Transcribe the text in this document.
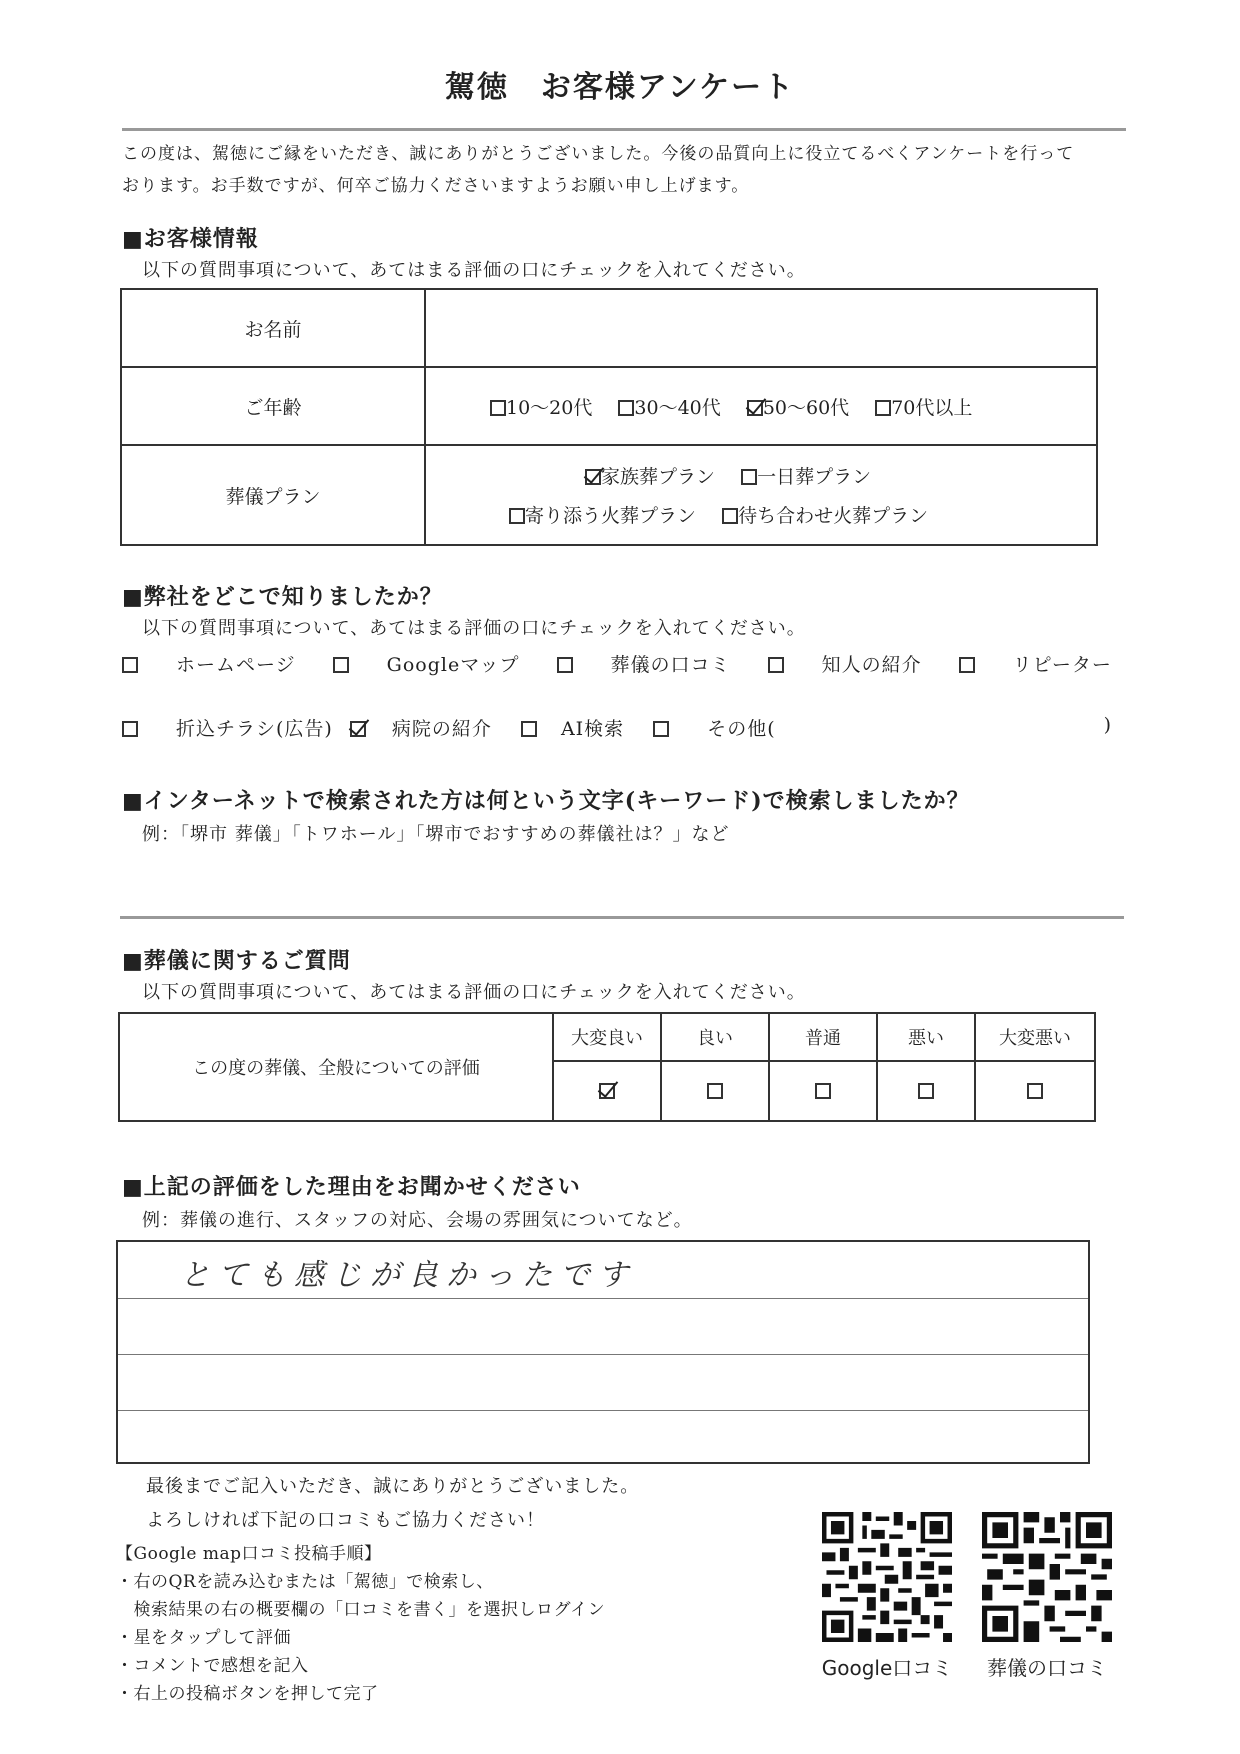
駕徳　お客様アンケート
この度は、駕徳にご縁をいただき、誠にありがとうございました。今後の品質向上に役立てるべくアンケートを行って
おります。お手数ですが、何卒ご協力くださいますようお願い申し上げます。
■お客様情報
以下の質問事項について、あてはまる評価の口にチェックを入れてください。
お名前	
ご年齢	10～20代 30～40代 50～60代 70代以上
葬儀プラン	家族葬プラン 一日葬プラン
寄り添う火葬プラン 待ち合わせ火葬プラン
■弊社をどこで知りましたか？
以下の質問事項について、あてはまる評価の口にチェックを入れてください。
ホームページ	Googleマップ	葬儀の口コミ	知人の紹介	リピーター
折込チラシ(広告)	病院の紹介	AI検索	その他(	)
■インターネットで検索された方は何という文字(キーワード)で検索しましたか？
例：「堺市 葬儀」「トワホール」「堺市でおすすめの葬儀社は？」など
■葬儀に関するご質問
以下の質問事項について、あてはまる評価の口にチェックを入れてください。
この度の葬儀、全般についての評価	大変良い	良い	普通	悪い	大変悪い

■上記の評価をした理由をお聞かせください
例：葬儀の進行、スタッフの対応、会場の雰囲気についてなど。
とても感じが良かったです
最後までご記入いただき、誠にありがとうございました。
よろしければ下記の口コミもご協力ください！
【Google map口コミ投稿手順】
・右のQRを読み込むまたは「駕徳」で検索し、
　検索結果の右の概要欄の「口コミを書く」を選択しログイン
・星をタップして評価
・コメントで感想を記入
・右上の投稿ボタンを押して完了
Google口コミ	葬儀の口コミ
